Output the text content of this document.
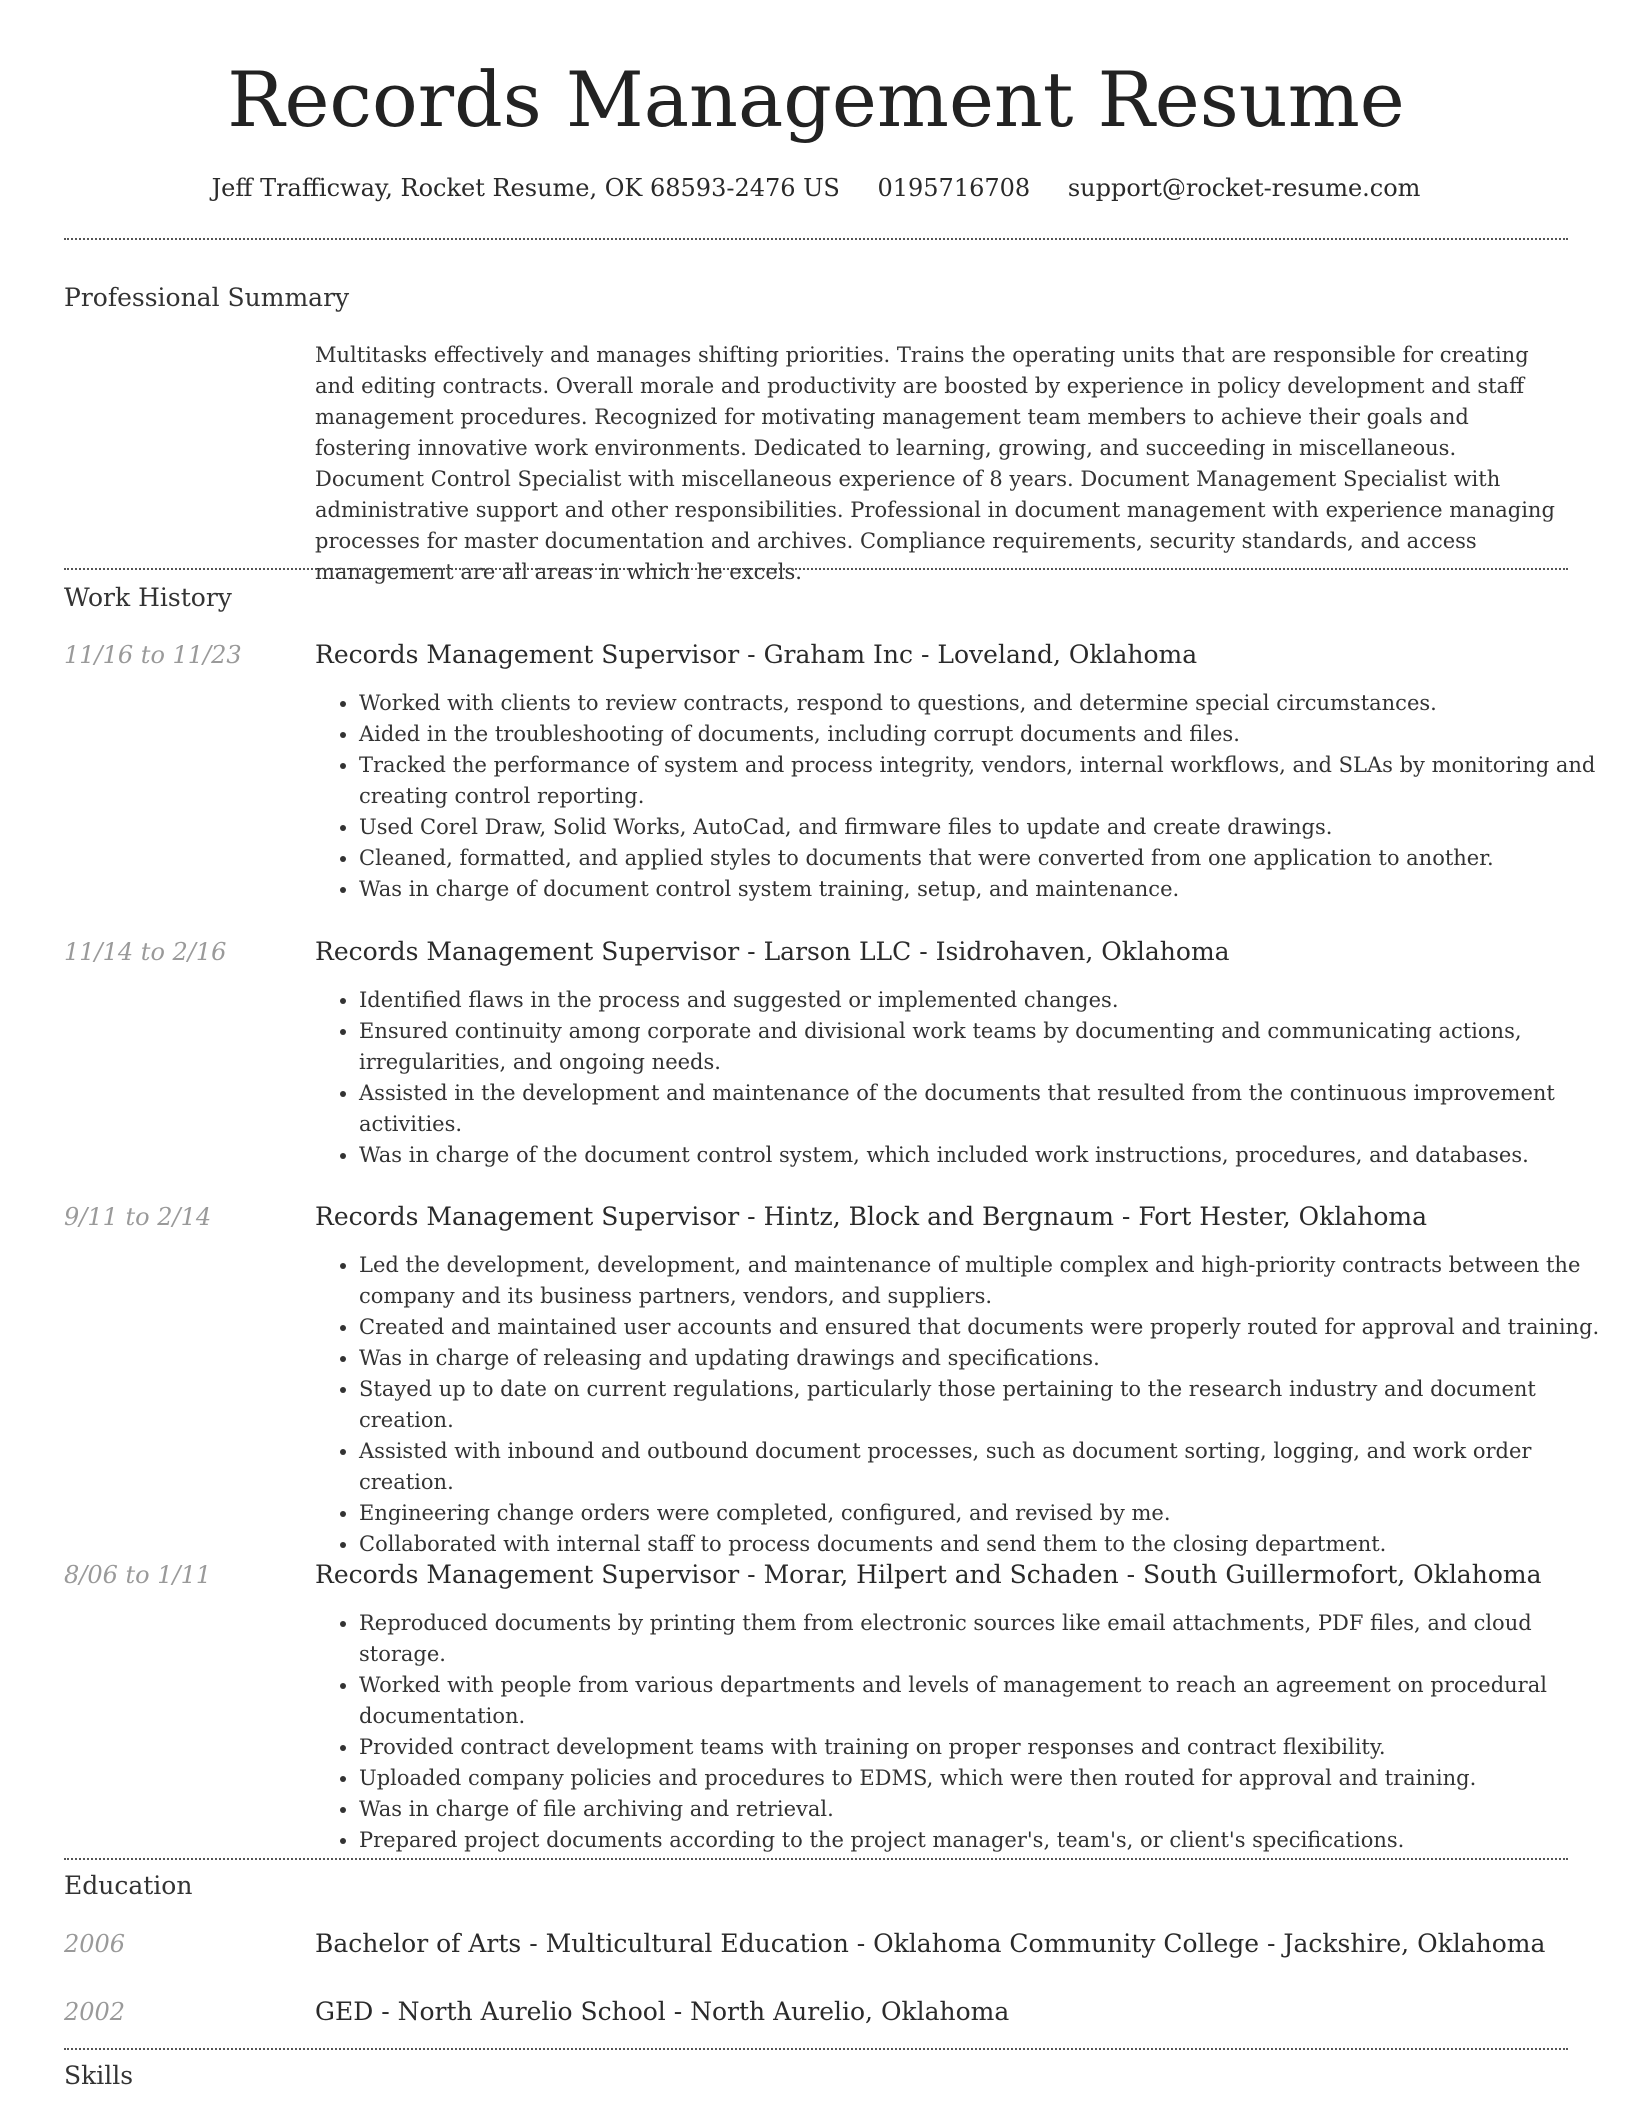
Records Management Resume
Jeff Trafficway, Rocket Resume, OK 68593-2476 US 0195716708 support@rocket-resume.com
Professional Summary
Multitasks effectively and manages shifting priorities. Trains the operating units that are responsible for creating and editing contracts. Overall morale and productivity are boosted by experience in policy development and staff management procedures. Recognized for motivating management team members to achieve their goals and fostering innovative work environments. Dedicated to learning, growing, and succeeding in miscellaneous. Document Control Specialist with miscellaneous experience of 8 years. Document Management Specialist with administrative support and other responsibilities. Professional in document management with experience managing processes for master documentation and archives. Compliance requirements, security standards, and access management are all areas in which he excels.
Work History
11/16 to 11/23	Records Management Supervisor - Graham Inc - Loveland, Oklahoma
• Worked with clients to review contracts, respond to questions, and determine special circumstances.
• Aided in the troubleshooting of documents, including corrupt documents and files.
• Tracked the performance of system and process integrity, vendors, internal workflows, and SLAs by monitoring and creating control reporting.
• Used Corel Draw, Solid Works, AutoCad, and firmware files to update and create drawings.
• Cleaned, formatted, and applied styles to documents that were converted from one application to another.
• Was in charge of document control system training, setup, and maintenance.
11/14 to 2/16	Records Management Supervisor - Larson LLC - Isidrohaven, Oklahoma
• Identified flaws in the process and suggested or implemented changes.
• Ensured continuity among corporate and divisional work teams by documenting and communicating actions, irregularities, and ongoing needs.
• Assisted in the development and maintenance of the documents that resulted from the continuous improvement activities.
• Was in charge of the document control system, which included work instructions, procedures, and databases.
9/11 to 2/14	Records Management Supervisor - Hintz, Block and Bergnaum - Fort Hester, Oklahoma
• Led the development, development, and maintenance of multiple complex and high-priority contracts between the company and its business partners, vendors, and suppliers.
• Created and maintained user accounts and ensured that documents were properly routed for approval and training.
• Was in charge of releasing and updating drawings and specifications.
• Stayed up to date on current regulations, particularly those pertaining to the research industry and document creation.
• Assisted with inbound and outbound document processes, such as document sorting, logging, and work order creation.
• Engineering change orders were completed, configured, and revised by me.
• Collaborated with internal staff to process documents and send them to the closing department.
8/06 to 1/11	Records Management Supervisor - Morar, Hilpert and Schaden - South Guillermofort, Oklahoma
• Reproduced documents by printing them from electronic sources like email attachments, PDF files, and cloud storage.
• Worked with people from various departments and levels of management to reach an agreement on procedural documentation.
• Provided contract development teams with training on proper responses and contract flexibility.
• Uploaded company policies and procedures to EDMS, which were then routed for approval and training.
• Was in charge of file archiving and retrieval.
• Prepared project documents according to the project manager's, team's, or client's specifications.
Education
2006	Bachelor of Arts - Multicultural Education - Oklahoma Community College - Jackshire, Oklahoma
2002	GED - North Aurelio School - North Aurelio, Oklahoma
Skills
